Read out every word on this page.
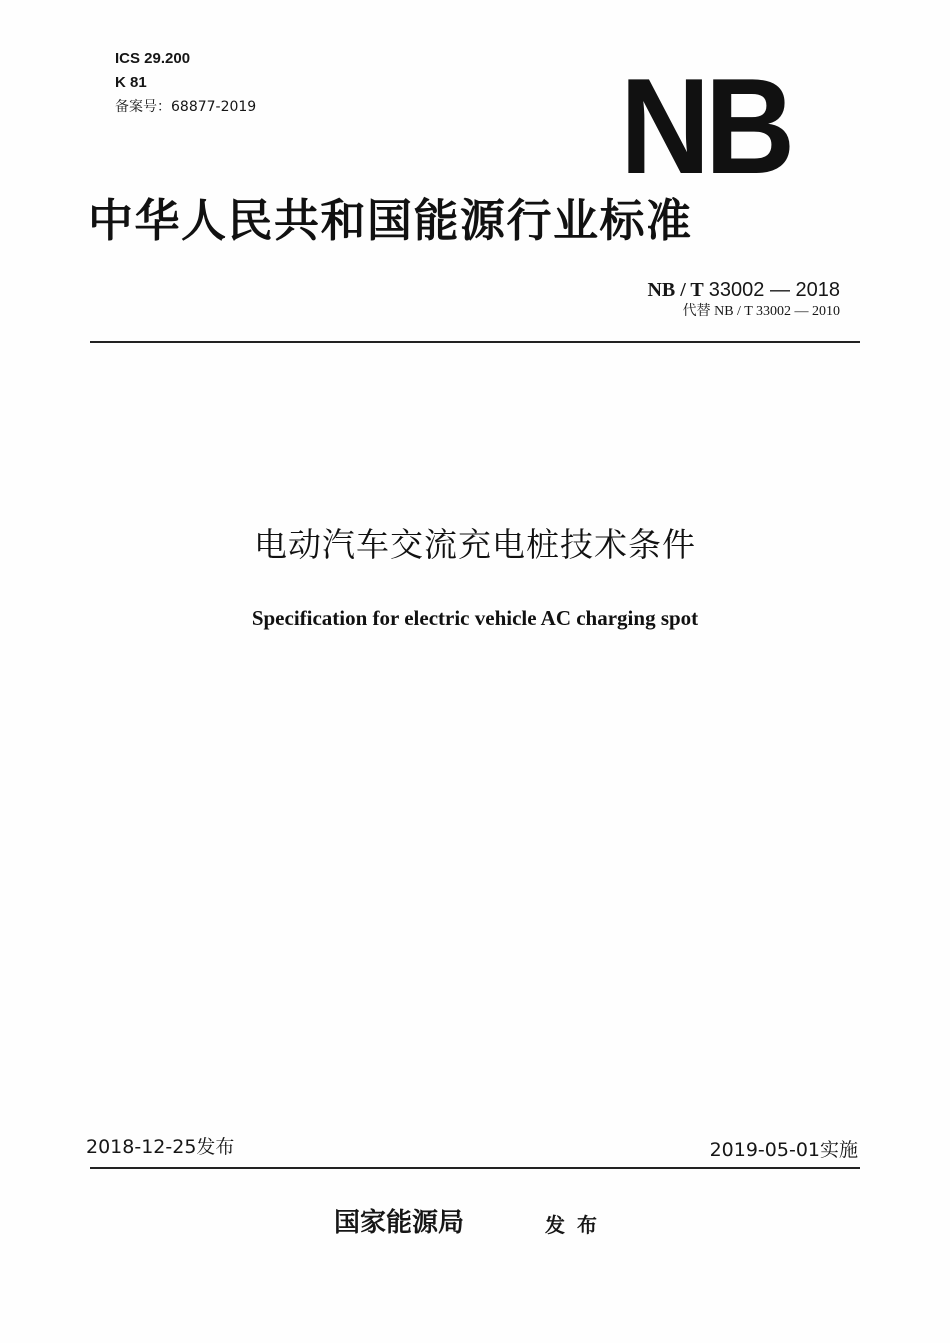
ICS 29.200
K 81
备案号：68877-2019	NB
中华人民共和国能源行业标准
NB / T 33002 — 2018
代替 NB / T 33002 — 2010
电动汽车交流充电桩技术条件
Specification for electric vehicle AC charging spot
2018-12-25发布	2019-05-01实施
国家能源局	发布
